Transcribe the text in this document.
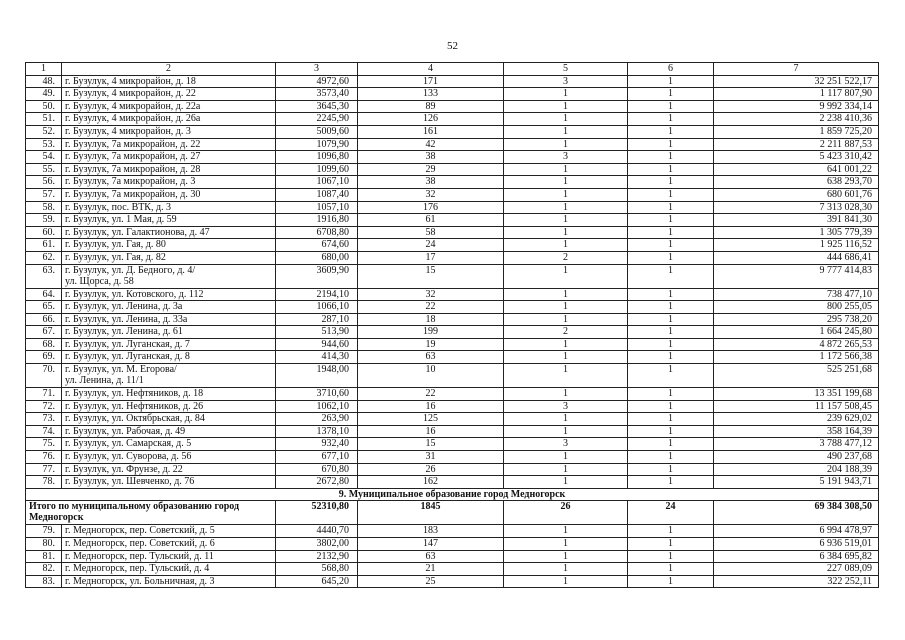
52
1	2	3	4	5	6	7
48.	г. Бузулук, 4 микрорайон, д. 18	4972,60	171	3	1	32 251 522,17
49.	г. Бузулук, 4 микрорайон, д. 22	3573,40	133	1	1	1 117 807,90
50.	г. Бузулук, 4 микрорайон, д. 22а	3645,30	89	1	1	9 992 334,14
51.	г. Бузулук, 4 микрорайон, д. 26а	2245,90	126	1	1	2 238 410,36
52.	г. Бузулук, 4 микрорайон, д. 3	5009,60	161	1	1	1 859 725,20
53.	г. Бузулук, 7а микрорайон, д. 22	1079,90	42	1	1	2 211 887,53
54.	г. Бузулук, 7а микрорайон, д. 27	1096,80	38	3	1	5 423 310,42
55.	г. Бузулук, 7а микрорайон, д. 28	1099,60	29	1	1	641 001,22
56.	г. Бузулук, 7а микрорайон, д. 3	1067,10	38	1	1	638 293,70
57.	г. Бузулук, 7а микрорайон, д. 30	1087,40	32	1	1	680 601,76
58.	г. Бузулук, пос. ВТК, д. 3	1057,10	176	1	1	7 313 028,30
59.	г. Бузулук, ул. 1 Мая, д. 59	1916,80	61	1	1	391 841,30
60.	г. Бузулук, ул. Галактионова, д. 47	6708,80	58	1	1	1 305 779,39
61.	г. Бузулук, ул. Гая, д. 80	674,60	24	1	1	1 925 116,52
62.	г. Бузулук, ул. Гая, д. 82	680,00	17	2	1	444 686,41
63.	г. Бузулук, ул. Д. Бедного, д. 4/
ул. Щорса, д. 58	3609,90	15	1	1	9 777 414,83
64.	г. Бузулук, ул. Котовского, д. 112	2194,10	32	1	1	738 477,10
65.	г. Бузулук, ул. Ленина, д. 3а	1066,10	22	1	1	800 255,05
66.	г. Бузулук, ул. Ленина, д. 33а	287,10	18	1	1	295 738,20
67.	г. Бузулук, ул. Ленина, д. 61	513,90	199	2	1	1 664 245,80
68.	г. Бузулук, ул. Луганская, д. 7	944,60	19	1	1	4 872 265,53
69.	г. Бузулук, ул. Луганская, д. 8	414,30	63	1	1	1 172 566,38
70.	г. Бузулук, ул. М. Егорова/
ул. Ленина, д. 11/1	1948,00	10	1	1	525 251,68
71.	г. Бузулук, ул. Нефтяников, д. 18	3710,60	22	1	1	13 351 199,68
72.	г. Бузулук, ул. Нефтяников, д. 26	1062,10	16	3	1	11 157 508,45
73.	г. Бузулук, ул. Октябрьская, д. 84	263,90	125	1	1	239 629,02
74.	г. Бузулук, ул. Рабочая, д. 49	1378,10	16	1	1	358 164,39
75.	г. Бузулук, ул. Самарская, д. 5	932,40	15	3	1	3 788 477,12
76.	г. Бузулук, ул. Суворова, д. 56	677,10	31	1	1	490 237,68
77.	г. Бузулук, ул. Фрунзе, д. 22	670,80	26	1	1	204 188,39
78.	г. Бузулук, ул. Шевченко, д. 76	2672,80	162	1	1	5 191 943,71
9. Муниципальное образование город Медногорск						
Итого по муниципальному образованию город Медногорск		52310,80	1845	26	24	69 384 308,50
79.	г. Медногорск, пер. Советский, д. 5	4440,70	183	1	1	6 994 478,97
80.	г. Медногорск, пер. Советский, д. 6	3802,00	147	1	1	6 936 519,01
81.	г. Медногорск, пер. Тульский, д. 11	2132,90	63	1	1	6 384 695,82
82.	г. Медногорск, пер. Тульский, д. 4	568,80	21	1	1	227 089,09
83.	г. Медногорск, ул. Больничная, д. 3	645,20	25	1	1	322 252,11
